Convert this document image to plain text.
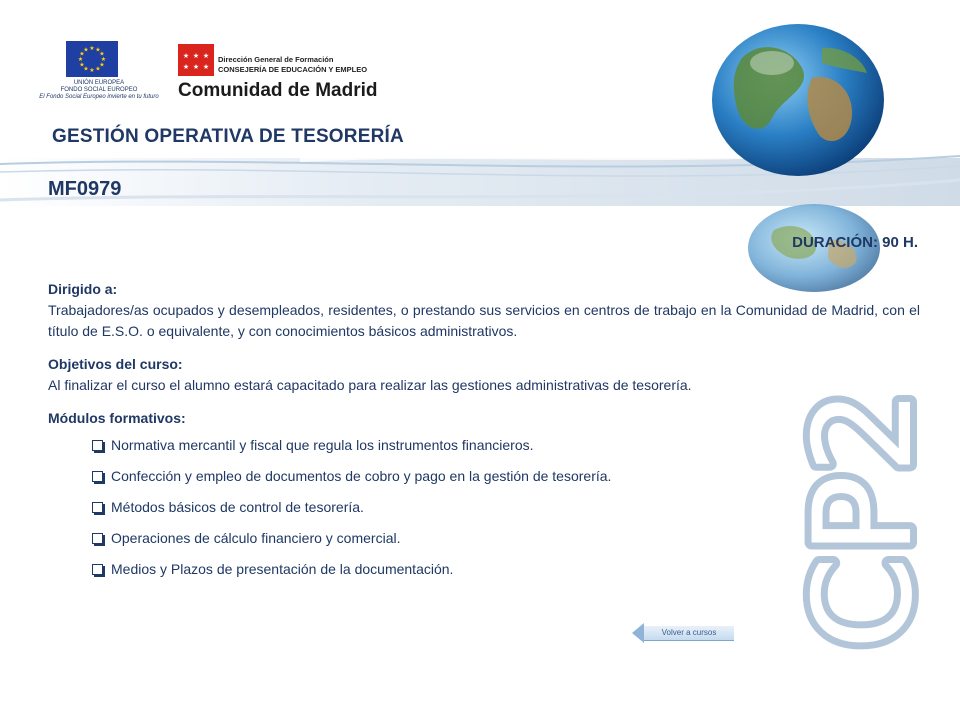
★ ★
★
★
★
★
★
★
★
★
★
★
UNIÓN EUROPEA
FONDO SOCIAL EUROPEO
El Fondo Social Europeo invierte en tu futuro
★ ★ ★
★ ★ ★
Dirección General de Formación
CONSEJERÍA DE EDUCACIÓN Y EMPLEO
Comunidad de Madrid
CP2
GESTIÓN OPERATIVA DE TESORERÍA
MF0979
DURACIÓN: 90 H.

Dirigido a:

Trabajadores/as ocupados y desempleados, residentes, o prestando sus servicios en centros de trabajo en la Comunidad de Madrid, con el título de E.S.O. o equivalente, y con conocimientos básicos administrativos.

Objetivos del curso:

Al finalizar el curso el alumno estará capacitado para realizar las gestiones administrativas de tesorería.

Módulos formativos:

Normativa mercantil y fiscal que regula los instrumentos financieros.
Confección y empleo de documentos de cobro y pago en la gestión de tesorería.
Métodos básicos de control de tesorería.
Operaciones de cálculo financiero y comercial.
Medios y Plazos de presentación de la documentación.
Volver a cursos
